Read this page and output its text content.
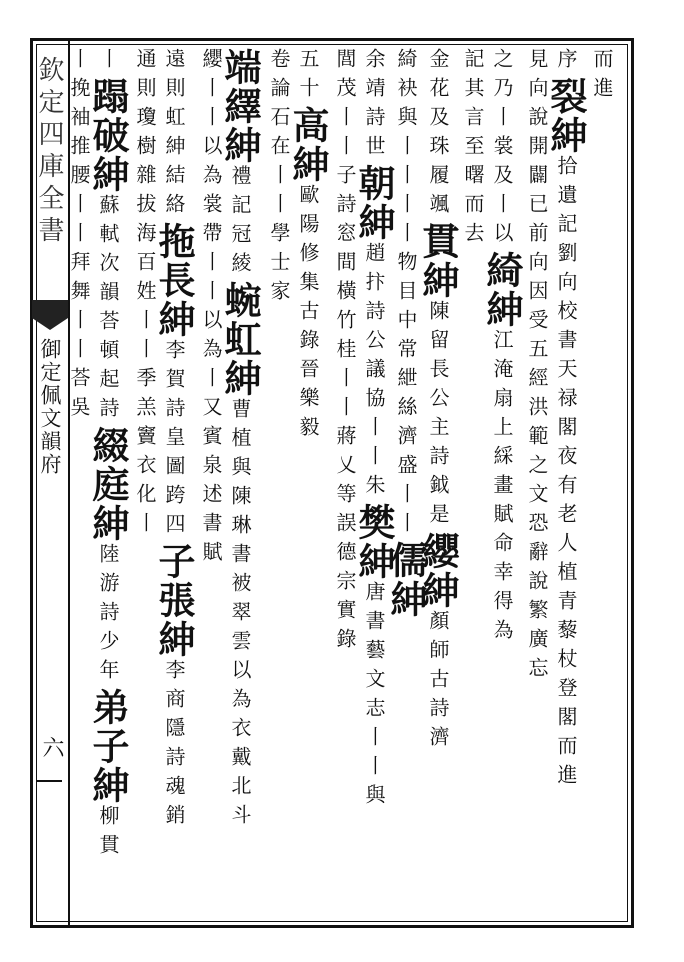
欽定四庫全書
御定佩文韻府
六
而進
序裂紳拾遺記劉向校書天禄閣夜有老人植青藜杖登閣而進
見向說開闢已前向因受五經洪範之文恐辭說繁廣忘
之乃丨裳及丨以綺紳江淹扇上綵畫賦命幸得為
記其言至曙而去
金花及珠履颯貫紳陳留長公主詩鉞是纓紳顏師古詩濟
綺袂與丨丨丨丨物目中常紲絲濟盛丨丨儒紳
余靖詩世朝紳趙抃詩公議協丨丨朱樊紳唐書藝文志丨丨與
閭茂丨丨子詩窓間橫竹桂丨丨蔣乂等誤德宗實錄
五十高紳歐陽修集古錄晉樂毅
卷論石在丨丨學士家
端繹紳禮記冠綾蜿虹紳曹植與陳琳書被翠雲以為衣戴北斗
纓丨丨以為裳帶丨丨以為丨又賓泉述書賦
遠則虹紳結絡拖長紳李賀詩皇圖跨四子張紳李商隱詩魂銷
通則瓊樹雜拔海百姓丨丨季羔竇衣化丨
丨蹋破紳蘇軾次韻荅頓起詩綴庭紳陸游詩少年弟子紳柳貫
丨挽袖推腰丨丨拜舞丨丨荅吳
